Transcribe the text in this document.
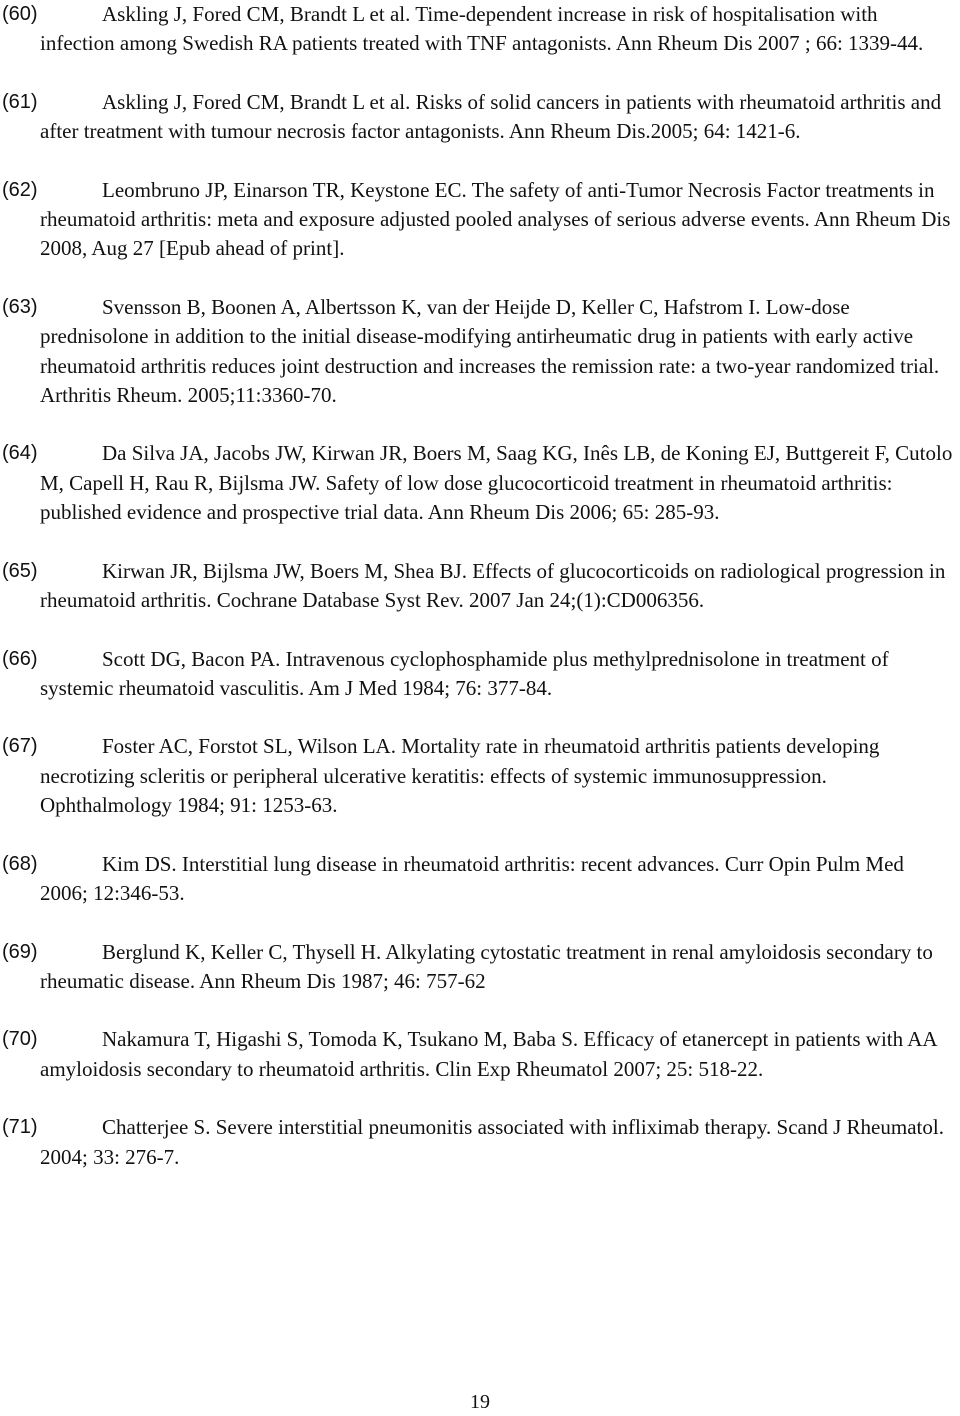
(60)	Askling J, Fored CM, Brandt L et al. Time-dependent increase in risk of hospitalisation with infection among Swedish RA patients treated with TNF antagonists. Ann Rheum Dis 2007 ; 66: 1339-44.
(61)	Askling J, Fored CM, Brandt L et al. Risks of solid cancers in patients with rheumatoid arthritis and after treatment with tumour necrosis factor antagonists. Ann Rheum Dis.2005; 64: 1421-6.
(62)	Leombruno JP, Einarson TR, Keystone EC. The safety of anti-Tumor Necrosis Factor treatments in rheumatoid arthritis: meta and exposure adjusted pooled analyses of serious adverse events. Ann Rheum Dis 2008, Aug 27 [Epub ahead of print].
(63)	Svensson B, Boonen A, Albertsson K, van der Heijde D, Keller C, Hafstrom I. Low-dose prednisolone in addition to the initial disease-modifying antirheumatic drug in patients with early active rheumatoid arthritis reduces joint destruction and increases the remission rate: a two-year randomized trial. Arthritis Rheum. 2005;11:3360-70.
(64)	Da Silva JA, Jacobs JW, Kirwan JR, Boers M, Saag KG, Inês LB, de Koning EJ, Buttgereit F, Cutolo M, Capell H, Rau R, Bijlsma JW. Safety of low dose glucocorticoid treatment in rheumatoid arthritis: published evidence and prospective trial data. Ann Rheum Dis 2006; 65: 285-93.
(65)	Kirwan JR, Bijlsma JW, Boers M, Shea BJ. Effects of glucocorticoids on radiological progression in rheumatoid arthritis. Cochrane Database Syst Rev. 2007 Jan 24;(1):CD006356.
(66)	Scott DG, Bacon PA. Intravenous cyclophosphamide plus methylprednisolone in treatment of systemic rheumatoid vasculitis. Am J Med 1984; 76: 377-84.
(67)	Foster AC, Forstot SL, Wilson LA. Mortality rate in rheumatoid arthritis patients developing necrotizing scleritis or peripheral ulcerative keratitis: effects of systemic immunosuppression. Ophthalmology 1984; 91: 1253-63.
(68)	Kim DS. Interstitial lung disease in rheumatoid arthritis: recent advances. Curr Opin Pulm Med 2006; 12:346-53.
(69)	Berglund K, Keller C, Thysell H. Alkylating cytostatic treatment in renal amyloidosis secondary to rheumatic disease. Ann Rheum Dis 1987; 46: 757-62
(70)	Nakamura T, Higashi S, Tomoda K, Tsukano M, Baba S. Efficacy of etanercept in patients with AA amyloidosis secondary to rheumatoid arthritis. Clin Exp Rheumatol 2007; 25: 518-22.
(71)	Chatterjee S. Severe interstitial pneumonitis associated with infliximab therapy. Scand J Rheumatol. 2004; 33: 276-7.
19
